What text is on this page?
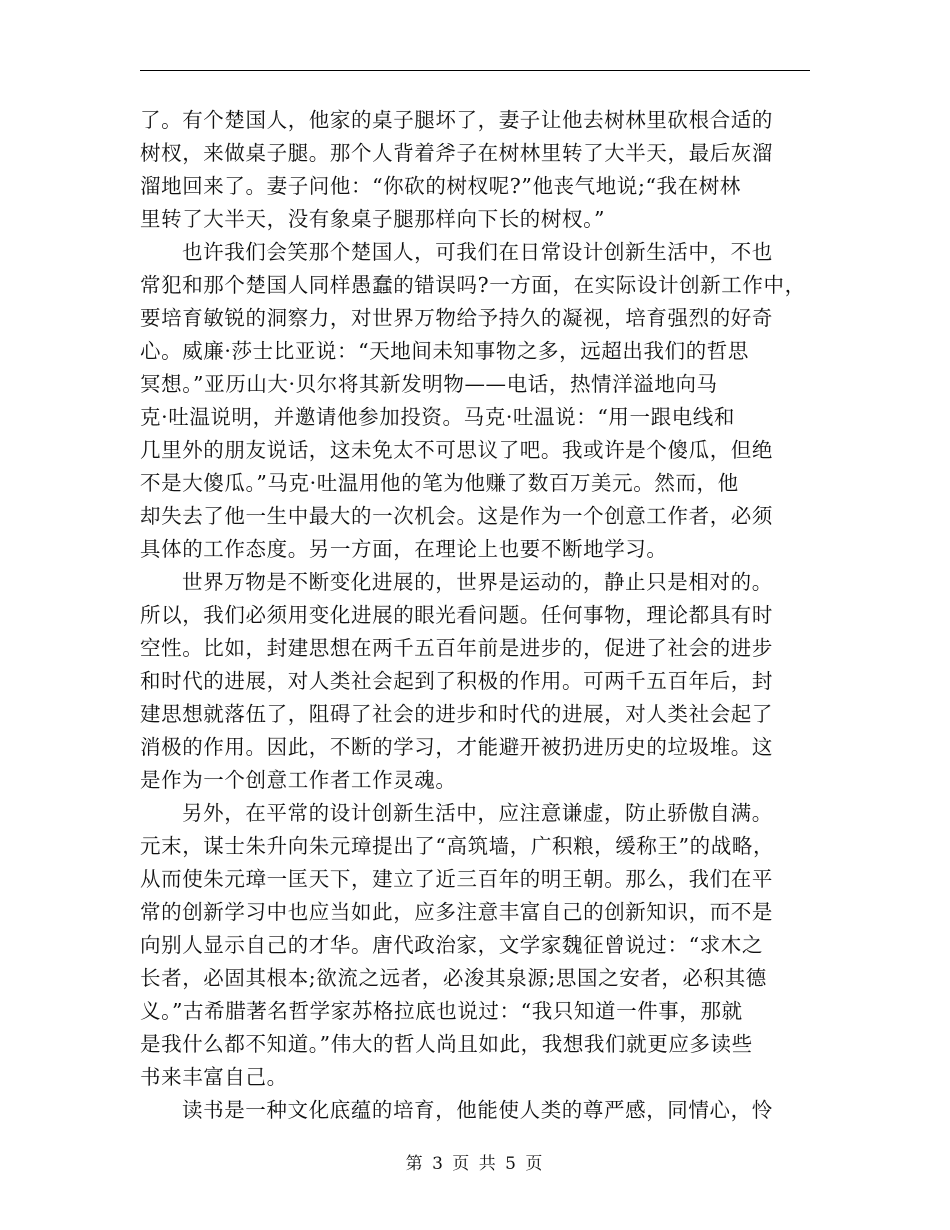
了。有个楚国人，他家的桌子腿坏了，妻子让他去树林里砍根合适的
树杈，来做桌子腿。那个人背着斧子在树林里转了大半天，最后灰溜
溜地回来了。妻子问他：“你砍的树杈呢?”他丧气地说;“我在树林
里转了大半天，没有象桌子腿那样向下长的树杈。”
也许我们会笑那个楚国人，可我们在日常设计创新生活中，不也
常犯和那个楚国人同样愚蠢的错误吗?一方面，在实际设计创新工作中，
要培育敏锐的洞察力，对世界万物给予持久的凝视，培育强烈的好奇
心。威廉·莎士比亚说：“天地间未知事物之多，远超出我们的哲思
冥想。”亚历山大·贝尔将其新发明物——电话，热情洋溢地向马
克·吐温说明，并邀请他参加投资。马克·吐温说：“用一跟电线和
几里外的朋友说话，这未免太不可思议了吧。我或许是个傻瓜，但绝
不是大傻瓜。”马克·吐温用他的笔为他赚了数百万美元。然而，他
却失去了他一生中最大的一次机会。这是作为一个创意工作者，必须
具体的工作态度。另一方面，在理论上也要不断地学习。
世界万物是不断变化进展的，世界是运动的，静止只是相对的。
所以，我们必须用变化进展的眼光看问题。任何事物，理论都具有时
空性。比如，封建思想在两千五百年前是进步的，促进了社会的进步
和时代的进展，对人类社会起到了积极的作用。可两千五百年后，封
建思想就落伍了，阻碍了社会的进步和时代的进展，对人类社会起了
消极的作用。因此，不断的学习，才能避开被扔进历史的垃圾堆。这
是作为一个创意工作者工作灵魂。
另外，在平常的设计创新生活中，应注意谦虚，防止骄傲自满。
元末，谋士朱升向朱元璋提出了“高筑墙，广积粮，缓称王”的战略，
从而使朱元璋一匡天下，建立了近三百年的明王朝。那么，我们在平
常的创新学习中也应当如此，应多注意丰富自己的创新知识，而不是
向别人显示自己的才华。唐代政治家，文学家魏征曾说过：“求木之
长者，必固其根本;欲流之远者，必浚其泉源;思国之安者，必积其德
义。”古希腊著名哲学家苏格拉底也说过：“我只知道一件事，那就
是我什么都不知道。”伟大的哲人尚且如此，我想我们就更应多读些
书来丰富自己。
读书是一种文化底蕴的培育，他能使人类的尊严感，同情心，怜
第 3 页 共 5 页
